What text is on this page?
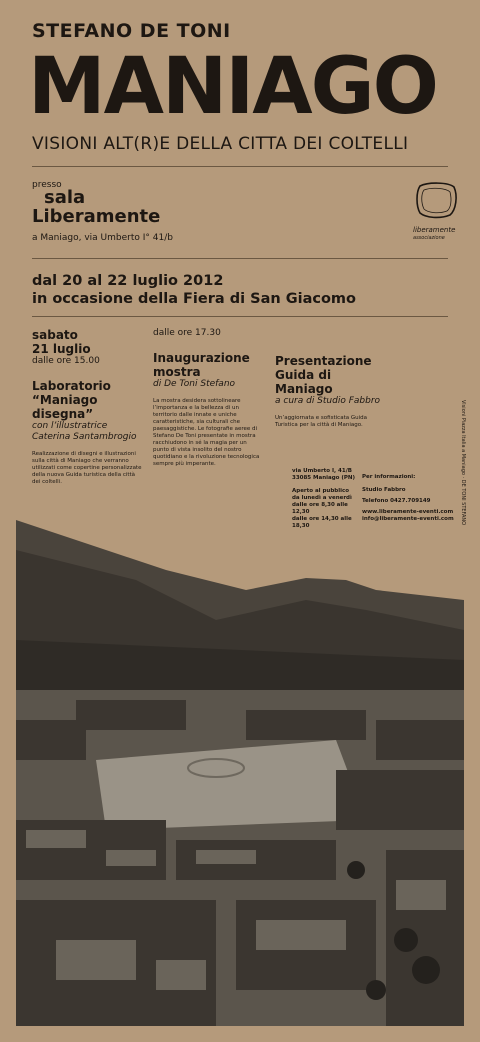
STEFANO DE TONI
MANIAGO
VISIONI ALT(R)E DELLA CITTA DEI COLTELLI
presso
sala
Liberamente
a Maniago, via Umberto I° 41/b
liberamente
associazione
dal 20 al 22 luglio 2012
in occasione della Fiera di San Giacomo
sabato
21 luglio
dalle ore 15.00
Laboratorio
“Maniago
disegna”
con l’illustratrice
Caterina Santambrogio
Realizzazione di disegni e illustrazioni sulla città di Maniago che verranno utilizzati come copertine personalizzate della nuova Guida turistica della città dei coltelli.
dalle ore 17.30
Inaugurazione
mostra
di De Toni Stefano
La mostra desidera sottolineare l’importanza e la bellezza di un territorio dalle innate e uniche caratteristiche, sia culturali che paesaggistiche. Le fotografie aeree di Stefano De Toni presentate in mostra racchiudono in sé la magia per un punto di vista insolito del nostro quotidiano e la rivoluzione tecnologica sempre più imperante.
Presentazione
Guida di Maniago
a cura di Studio Fabbro
Un’aggiornata e sofisticata Guida Turistica per la città di Maniago.
via Umberto I, 41/B
33085 Maniago (PN)
Aperto al pubblico
da lunedì a venerdì
dalle ore 8,30 alle 12,30
dalle ore 14,30 alle 18,30
Per informazioni:
Studio Fabbro
Telefono 0427.709149
www.liberamente-eventi.com
info@liberamente-eventi.com	Visioni Piazza Italia a Maniago · DE TONI STEFANO
